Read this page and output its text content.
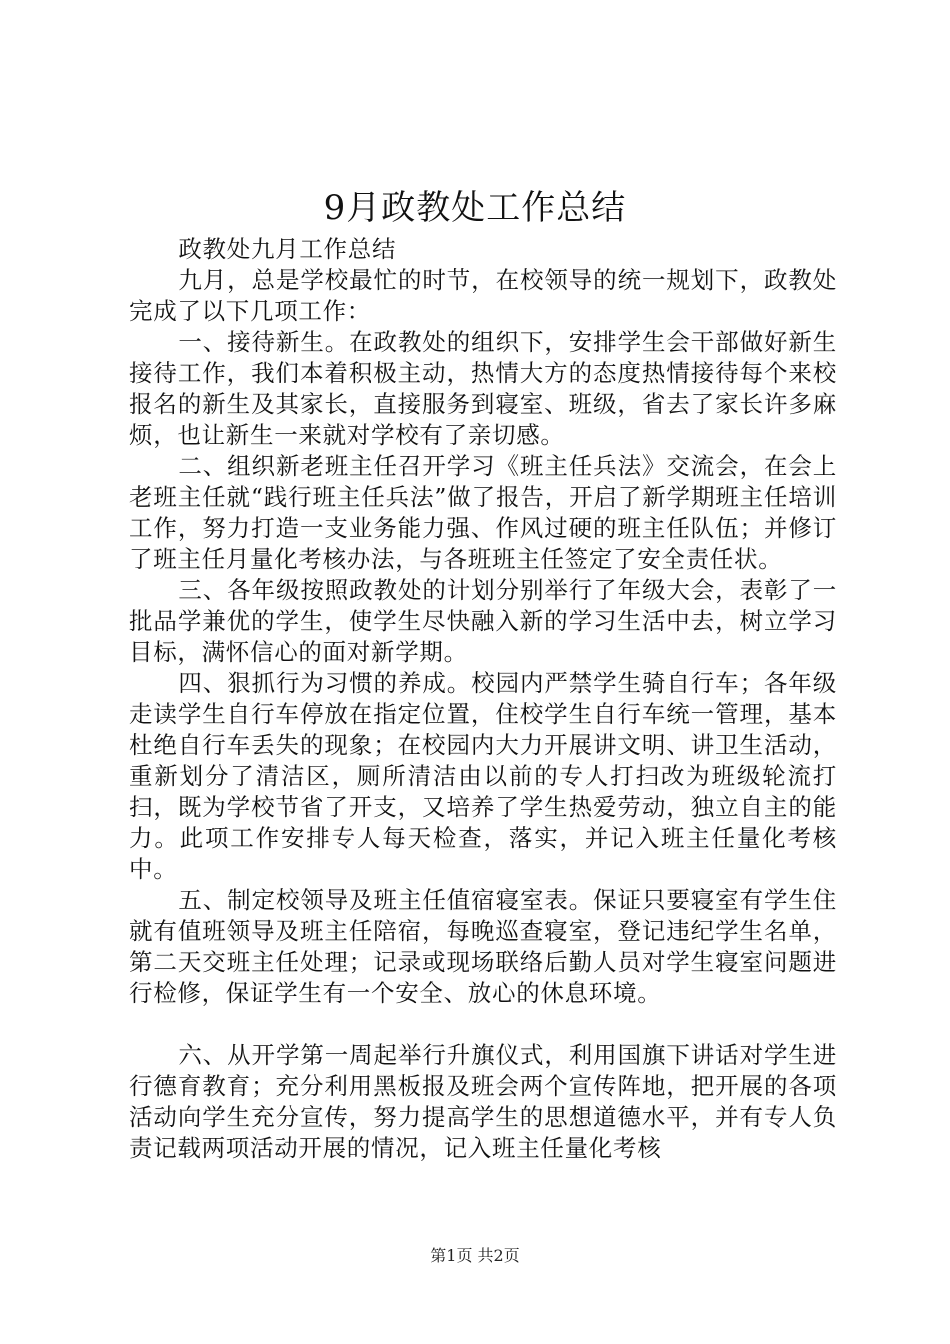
9月政教处工作总结

政教处九月工作总结

九月，总是学校最忙的时节，在校领导的统一规划下，政教处完成了以下几项工作：

一、接待新生。在政教处的组织下，安排学生会干部做好新生接待工作，我们本着积极主动，热情大方的态度热情接待每个来校报名的新生及其家长，直接服务到寝室、班级，省去了家长许多麻烦，也让新生一来就对学校有了亲切感。

二、组织新老班主任召开学习《班主任兵法》交流会，在会上老班主任就“践行班主任兵法”做了报告，开启了新学期班主任培训工作，努力打造一支业务能力强、作风过硬的班主任队伍；并修订了班主任月量化考核办法，与各班班主任签定了安全责任状。

三、各年级按照政教处的计划分别举行了年级大会，表彰了一批品学兼优的学生，使学生尽快融入新的学习生活中去，树立学习目标，满怀信心的面对新学期。

四、狠抓行为习惯的养成。校园内严禁学生骑自行车；各年级走读学生自行车停放在指定位置，住校学生自行车统一管理，基本杜绝自行车丢失的现象；在校园内大力开展讲文明、讲卫生活动，重新划分了清洁区，厕所清洁由以前的专人打扫改为班级轮流打扫，既为学校节省了开支，又培养了学生热爱劳动，独立自主的能力。此项工作安排专人每天检查，落实，并记入班主任量化考核中。

五、制定校领导及班主任值宿寝室表。保证只要寝室有学生住就有值班领导及班主任陪宿，每晚巡查寝室，登记违纪学生名单，第二天交班主任处理；记录或现场联络后勤人员对学生寝室问题进行检修，保证学生有一个安全、放心的休息环境。

六、从开学第一周起举行升旗仪式，利用国旗下讲话对学生进行德育教育；充分利用黑板报及班会两个宣传阵地，把开展的各项活动向学生充分宣传，努力提高学生的思想道德水平，并有专人负责记载两项活动开展的情况，记入班主任量化考核

第1页 共2页
